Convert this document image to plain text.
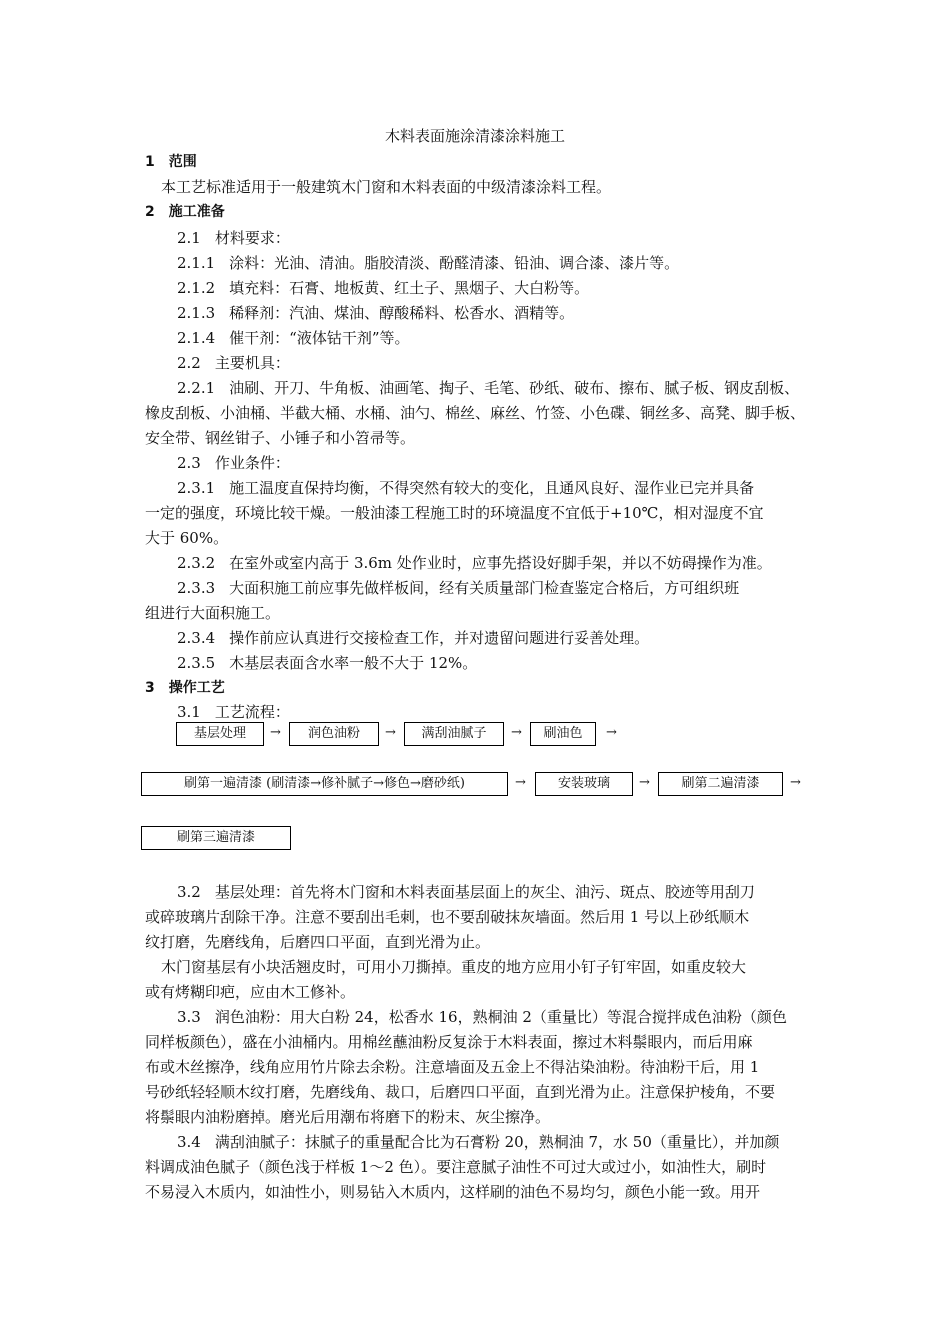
木料表面施涂清漆涂料施工
1 范围
本工艺标准适用于一般建筑木门窗和木料表面的中级清漆涂料工程。
2 施工准备
2.1 材料要求：
2.1.1 涂料：光油、清油。脂胶清淡、酚醛清漆、铅油、调合漆、漆片等。
2.1.2 填充料：石膏、地板黄、红土子、黑烟子、大白粉等。
2.1.3 稀释剂：汽油、煤油、醇酸稀料、松香水、酒精等。
2.1.4 催干剂：“液体钴干剂”等。
2.2 主要机具：
2.2.1 油刷、开刀、牛角板、油画笔、掏子、毛笔、砂纸、破布、擦布、腻子板、钢皮刮板、
橡皮刮板、小油桶、半截大桶、水桶、油勺、棉丝、麻丝、竹签、小色碟、铜丝多、高凳、脚手板、
安全带、钢丝钳子、小锤子和小笤帚等。
2.3 作业条件：
2.3.1 施工温度直保持均衡，不得突然有较大的变化，且通风良好、湿作业已完并具备
一定的强度，环境比较干燥。一般油漆工程施工时的环境温度不宜低于+10℃，相对湿度不宜
大于 60%。
2.3.2 在室外或室内高于 3.6m 处作业时，应事先搭设好脚手架，并以不妨碍操作为准。
2.3.3 大面积施工前应事先做样板间，经有关质量部门检查鉴定合格后，方可组织班
组进行大面积施工。
2.3.4 操作前应认真进行交接检查工作，并对遗留问题进行妥善处理。
2.3.5 木基层表面含水率一般不大于 12%。
3 操作工艺
3.1 工艺流程：
基层处理	→	润色油粉	→	满刮油腻子	→	刷油色	→
刷第一遍清漆 (刷清漆→修补腻子→修色→磨砂纸)	→	安装玻璃	→	刷第二遍清漆	→
刷第三遍清漆
3.2 基层处理：首先将木门窗和木料表面基层面上的灰尘、油污、斑点、胶迹等用刮刀
或碎玻璃片刮除干净。注意不要刮出毛刺，也不要刮破抹灰墙面。然后用 1 号以上砂纸顺木
纹打磨，先磨线角，后磨四口平面，直到光滑为止。
木门窗基层有小块活翘皮时，可用小刀撕掉。重皮的地方应用小钉子钉牢固，如重皮较大
或有烤糊印疤，应由木工修补。
3.3 润色油粉：用大白粉 24，松香水 16，熟桐油 2（重量比）等混合搅拌成色油粉（颜色
同样板颜色），盛在小油桶内。用棉丝蘸油粉反复涂于木料表面，擦过木料鬃眼内，而后用麻
布或木丝擦净，线角应用竹片除去余粉。注意墙面及五金上不得沾染油粉。待油粉干后，用 1
号砂纸轻轻顺木纹打磨，先磨线角、裁口，后磨四口平面，直到光滑为止。注意保护棱角，不要
将鬃眼内油粉磨掉。磨光后用潮布将磨下的粉末、灰尘擦净。
3.4 满刮油腻子：抹腻子的重量配合比为石膏粉 20，熟桐油 7，水 50（重量比），并加颜
料调成油色腻子（颜色浅于样板 1～2 色）。要注意腻子油性不可过大或过小，如油性大，刷时
不易浸入木质内，如油性小，则易钻入木质内，这样刷的油色不易均匀，颜色小能一致。用开
